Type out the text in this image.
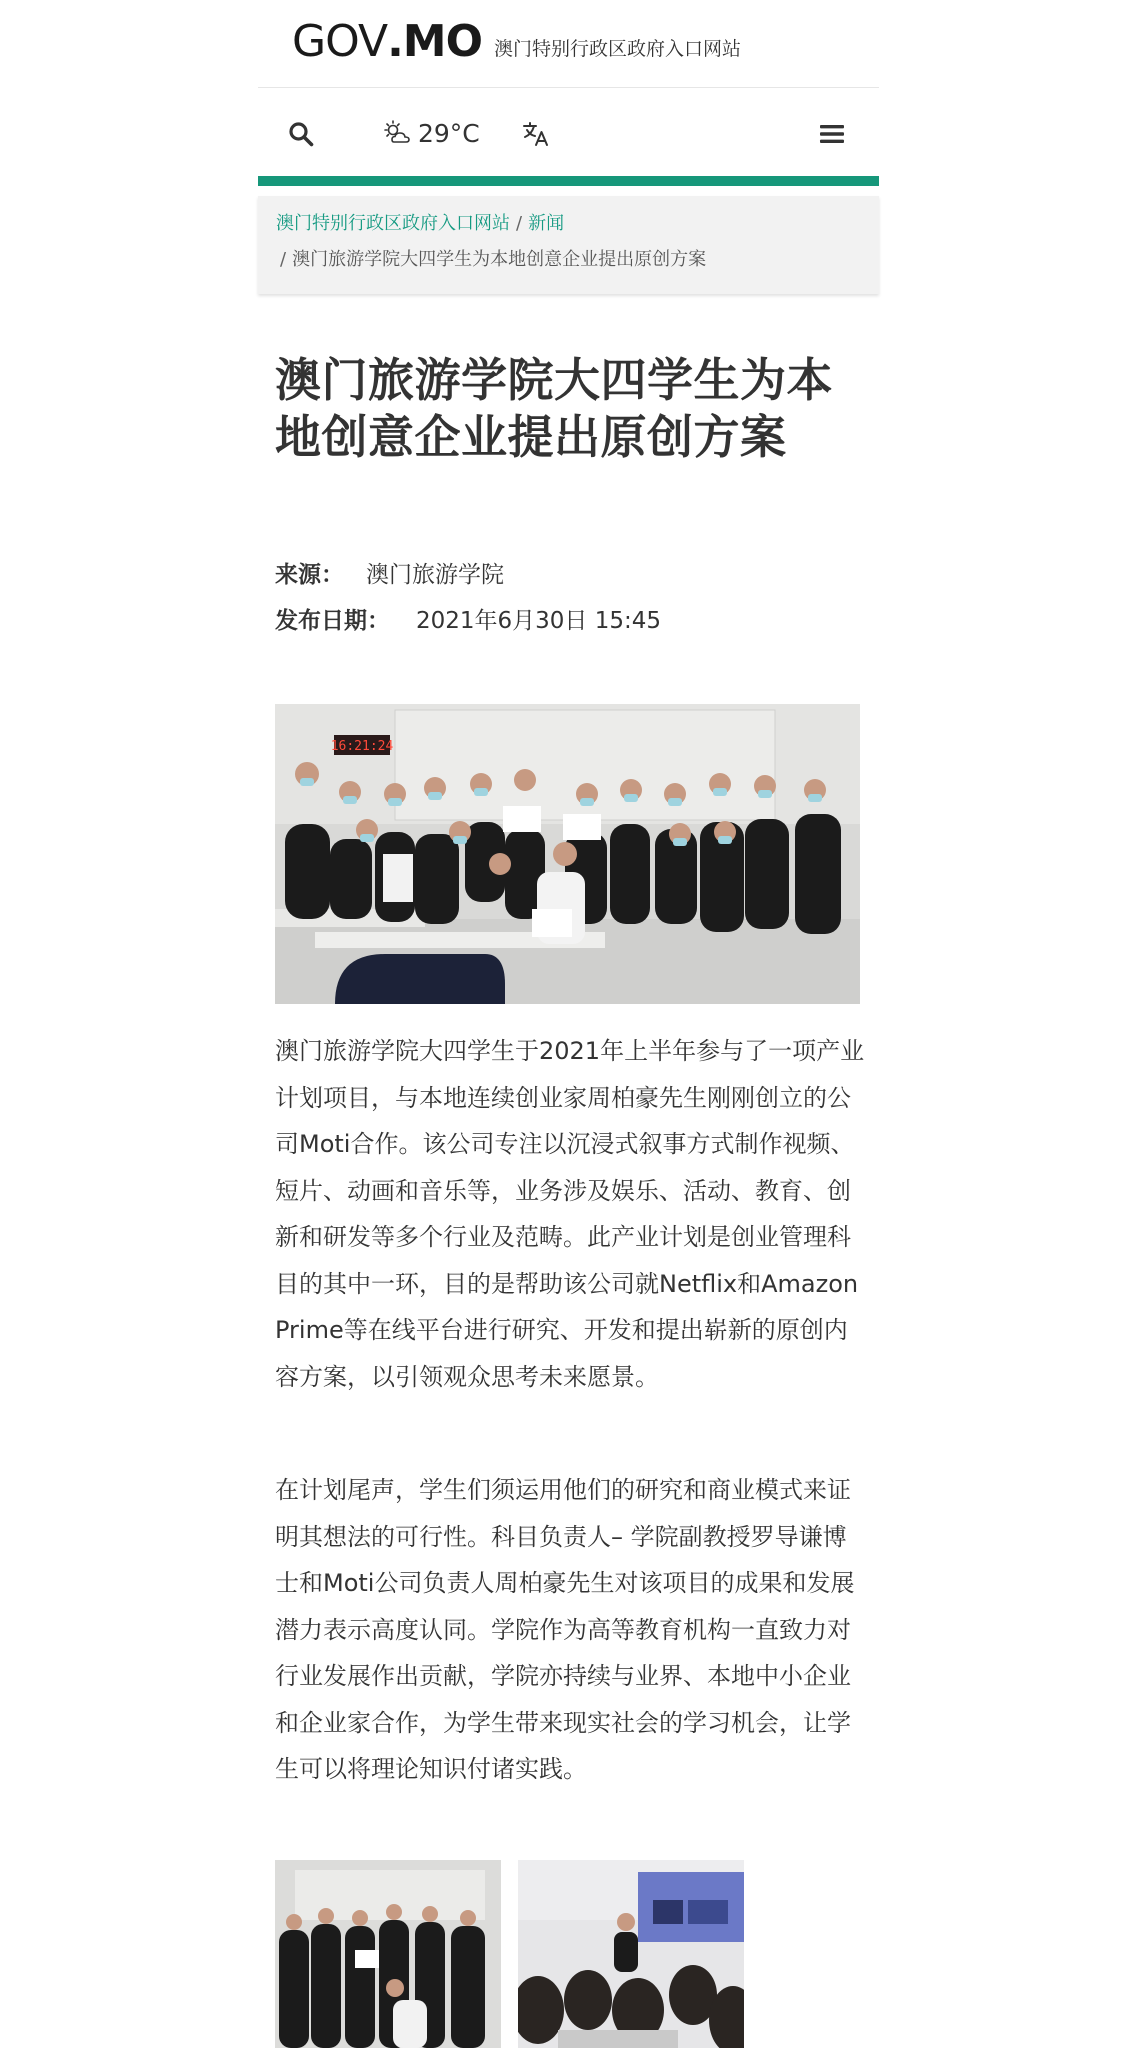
GOV.MO 澳门特别行政区政府入口网站
29°C
澳门特别行政区政府入口网站 / 新闻
/ 澳门旅游学院大四学生为本地创意企业提出原创方案
澳门旅游学院大四学生为本地创意企业提出原创方案
来源： 澳门旅游学院
发布日期： 2021年6月30日 15:45
16:21:24

澳门旅游学院大四学生于2021年上半年参与了一项产业计划项目，与本地连续创业家周柏豪先生刚刚创立的公司Moti合作。该公司专注以沉浸式叙事方式制作视频、短片、动画和音乐等，业务涉及娱乐、活动、教育、创新和研发等多个行业及范畴。此产业计划是创业管理科目的其中一环，目的是帮助该公司就Netflix和Amazon Prime等在线平台进行研究、开发和提出崭新的原创内容方案，以引领观众思考未来愿景。

在计划尾声，学生们须运用他们的研究和商业模式来证明其想法的可行性。科目负责人– 学院副教授罗导谦博士和Moti公司负责人周柏豪先生对该项目的成果和发展潜力表示高度认同。学院作为高等教育机构一直致力对行业发展作出贡献，学院亦持续与业界、本地中小企业和企业家合作，为学生带来现实社会的学习机会，让学生可以将理论知识付诸实践。
